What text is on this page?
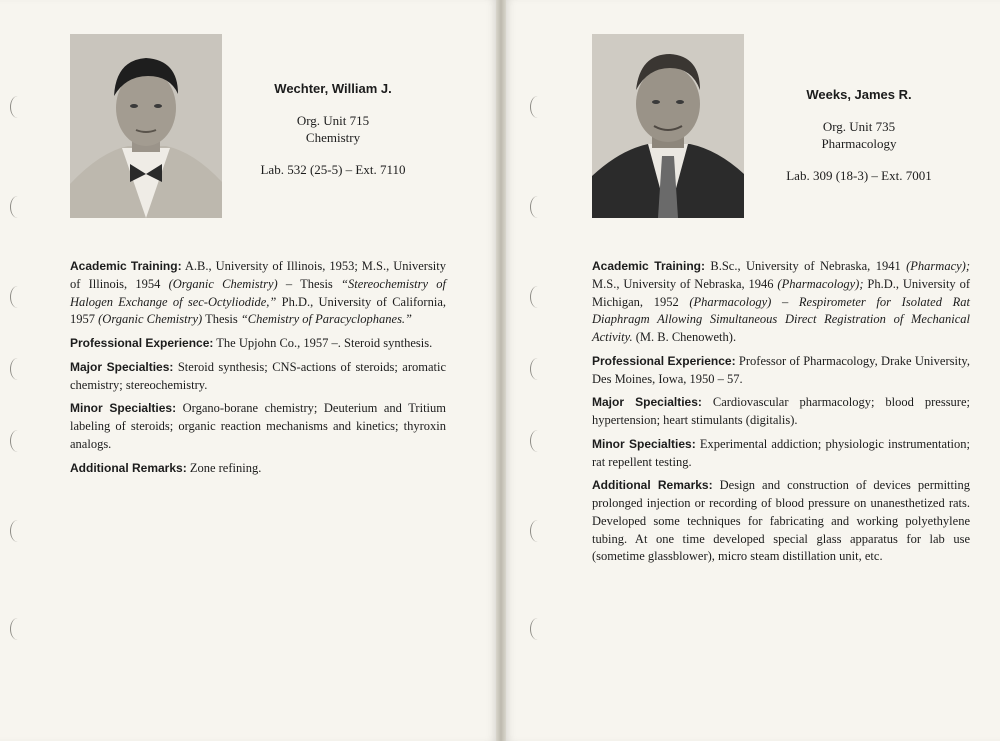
Wechter, William J.
Org. Unit 715
Chemistry
Lab. 532 (25-5) – Ext. 7110

Academic Training: A.B., University of Illinois, 1953; M.S., University of Illinois, 1954 (Organic Chemistry) – Thesis “Stereochemistry of Halogen Exchange of sec-Octyliodide,” Ph.D., University of California, 1957 (Organic Chemistry) Thesis “Chemistry of Paracyclophanes.”

Professional Experience: The Upjohn Co., 1957 –. Steroid synthesis.

Major Specialties: Steroid synthesis; CNS-actions of steroids; aromatic chemistry; stereochemistry.

Minor Specialties: Organo-borane chemistry; Deuterium and Tritium labeling of steroids; organic reaction mechanisms and kinetics; thyroxin analogs.

Additional Remarks: Zone refining.

Weeks, James R.
Org. Unit 735
Pharmacology
Lab. 309 (18-3) – Ext. 7001

Academic Training: B.Sc., University of Nebraska, 1941 (Pharmacy); M.S., University of Nebraska, 1946 (Pharmacology); Ph.D., University of Michigan, 1952 (Pharmacology) – Respirometer for Isolated Rat Diaphragm Allowing Simultaneous Direct Registration of Mechanical Activity. (M. B. Chenoweth).

Professional Experience: Professor of Pharmacology, Drake University, Des Moines, Iowa, 1950 – 57.

Major Specialties: Cardiovascular pharmacology; blood pressure; hypertension; heart stimulants (digitalis).

Minor Specialties: Experimental addiction; physiologic instrumentation; rat repellent testing.

Additional Remarks: Design and construction of devices permitting prolonged injection or recording of blood pressure on unanesthetized rats. Developed some techniques for fabricating and working polyethylene tubing. At one time developed special glass apparatus for lab use (sometime glassblower), micro steam distillation unit, etc.
